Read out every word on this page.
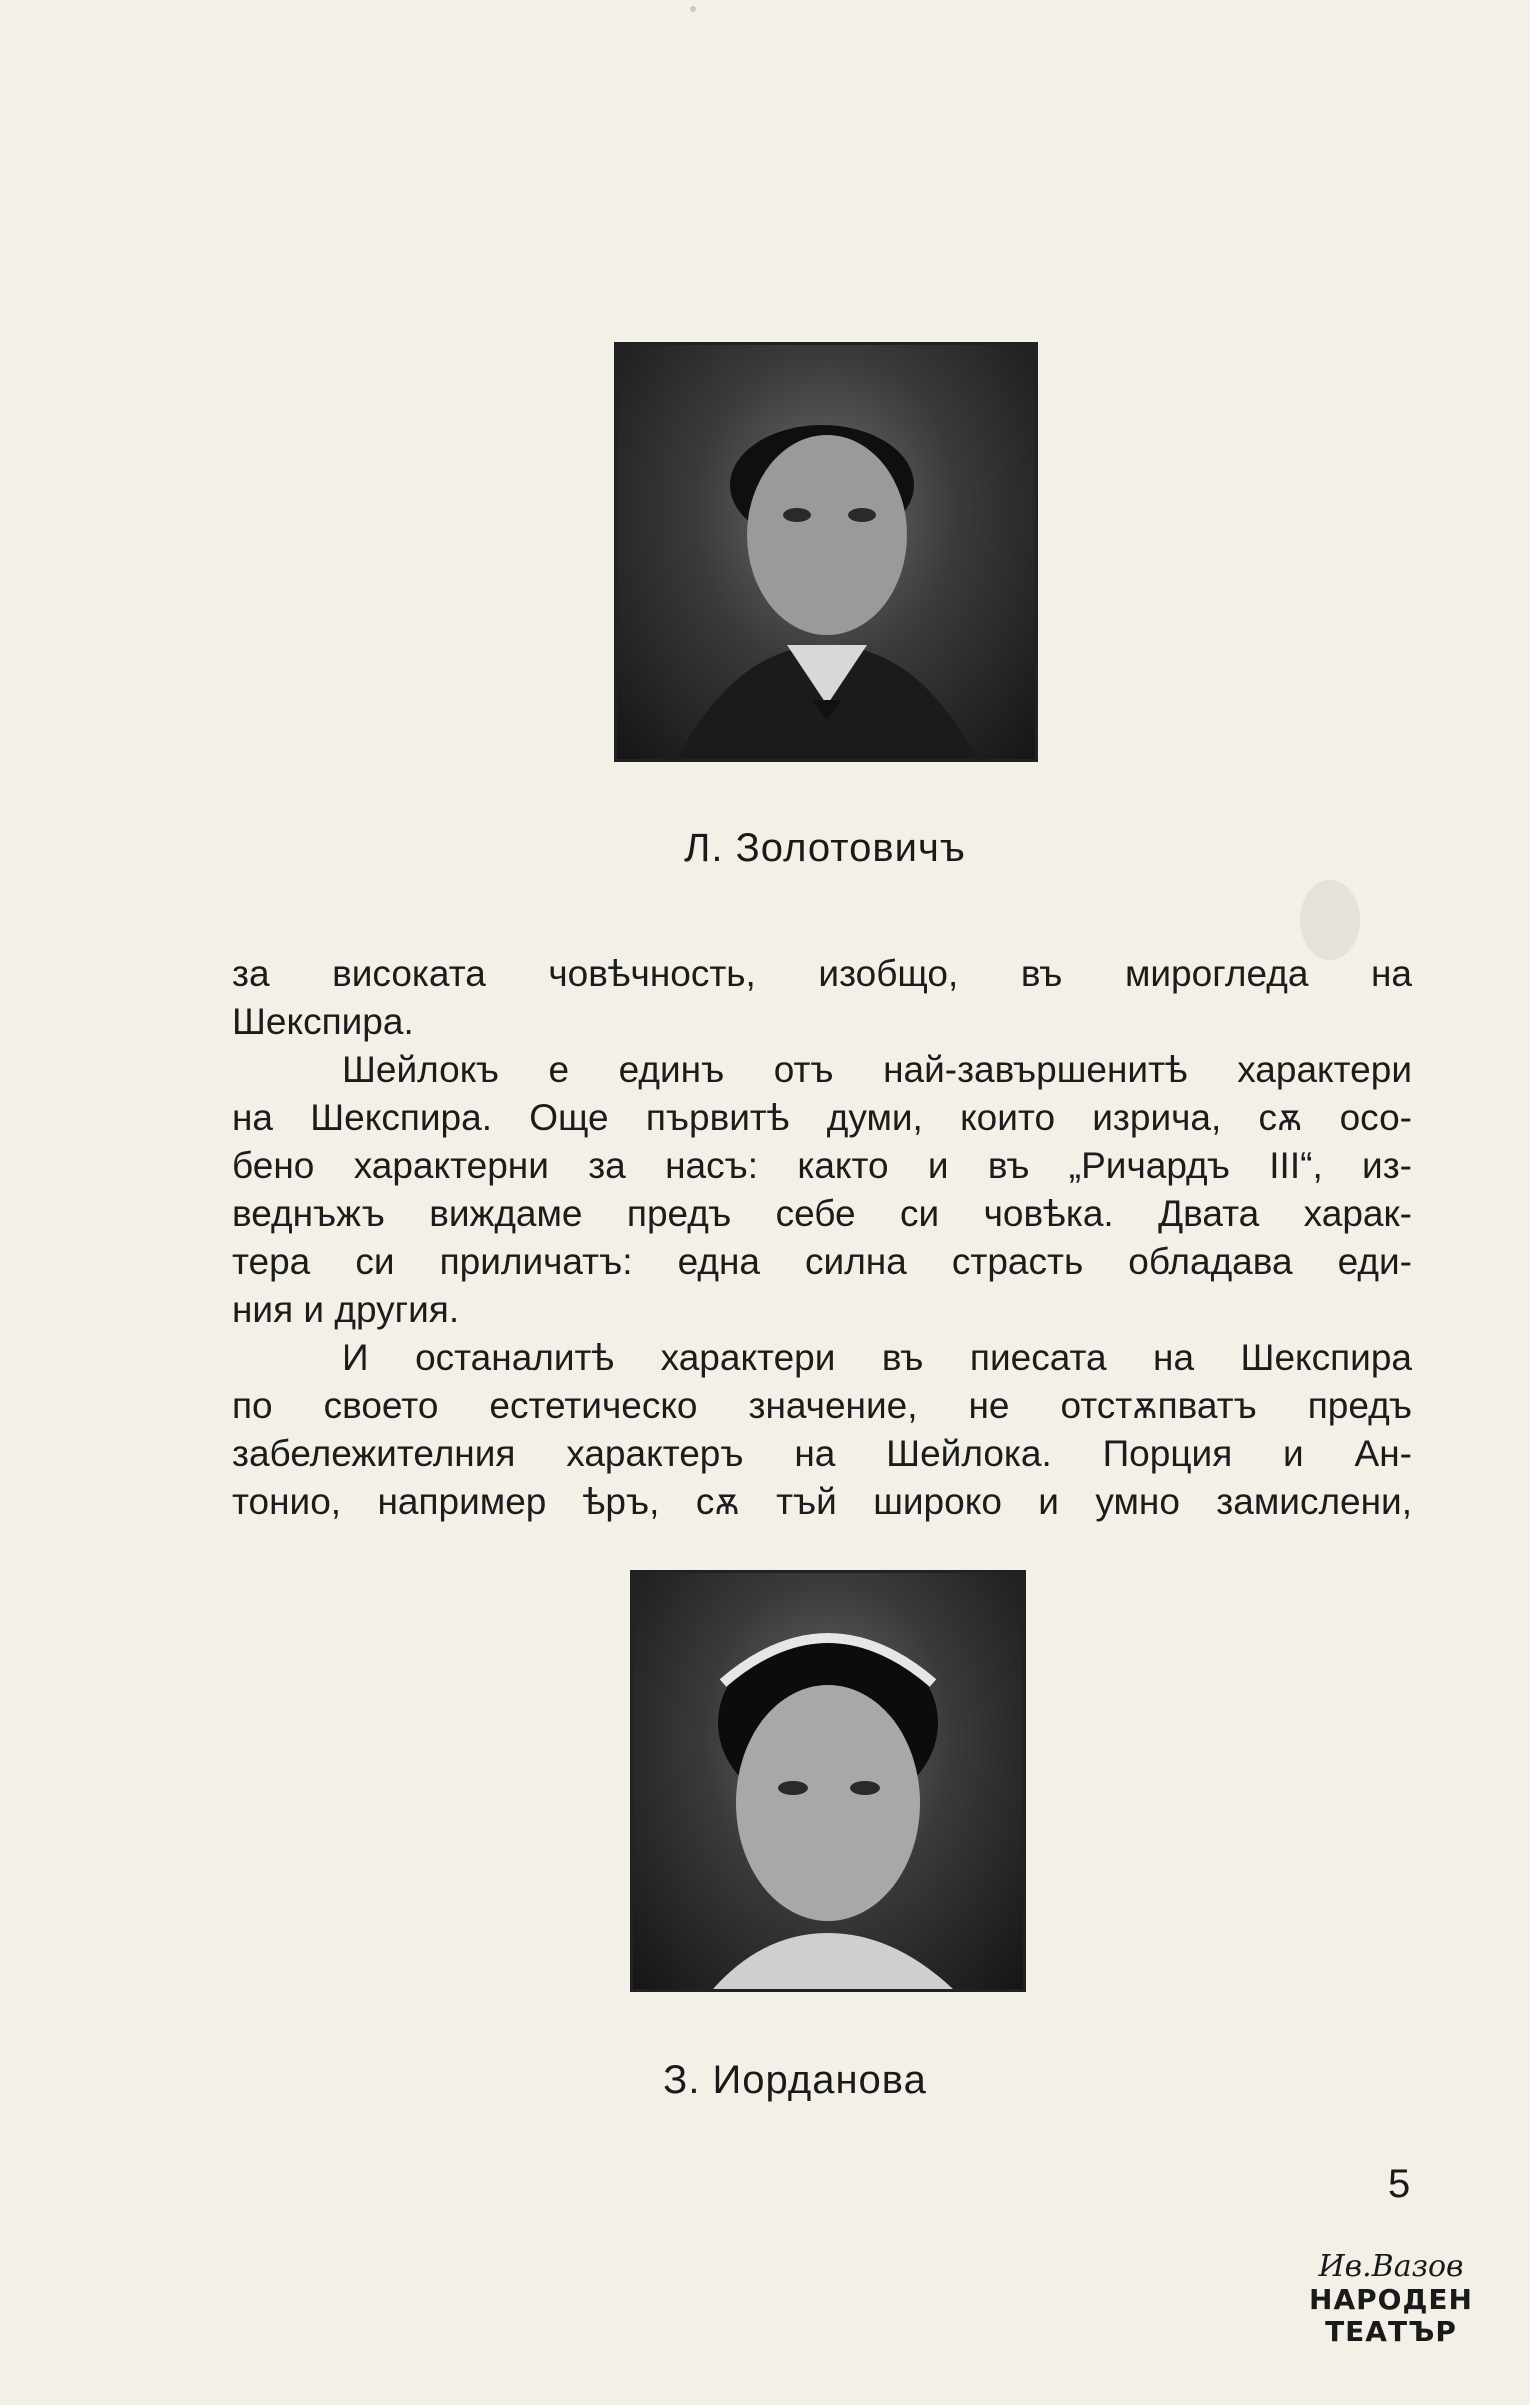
Л. Золотовичъ
за високата човѣчность, изобщо, въ мирогледа на
Шекспира.
Шейлокъ е единъ отъ най-завършенитѣ характери
на Шекспира. Още първитѣ думи, които изрича, сѫ осо-
бено характерни за насъ: както и въ „Ричардъ III“, из-
веднъжъ виждаме предъ себе си човѣка. Двата харак-
тера си приличатъ: една силна страсть обладава еди-
ния и другия.
И останалитѣ характери въ пиесата на Шекспира
по своето естетическо значение, не отстѫпватъ предъ
забележителния характеръ на Шейлока. Порция и Ан-
тонио, например ѣръ, сѫ тъй широко и умно замислени,
З. Иорданова
5
Ив.Вазов
НАРОДЕН
ТЕАТЪР
